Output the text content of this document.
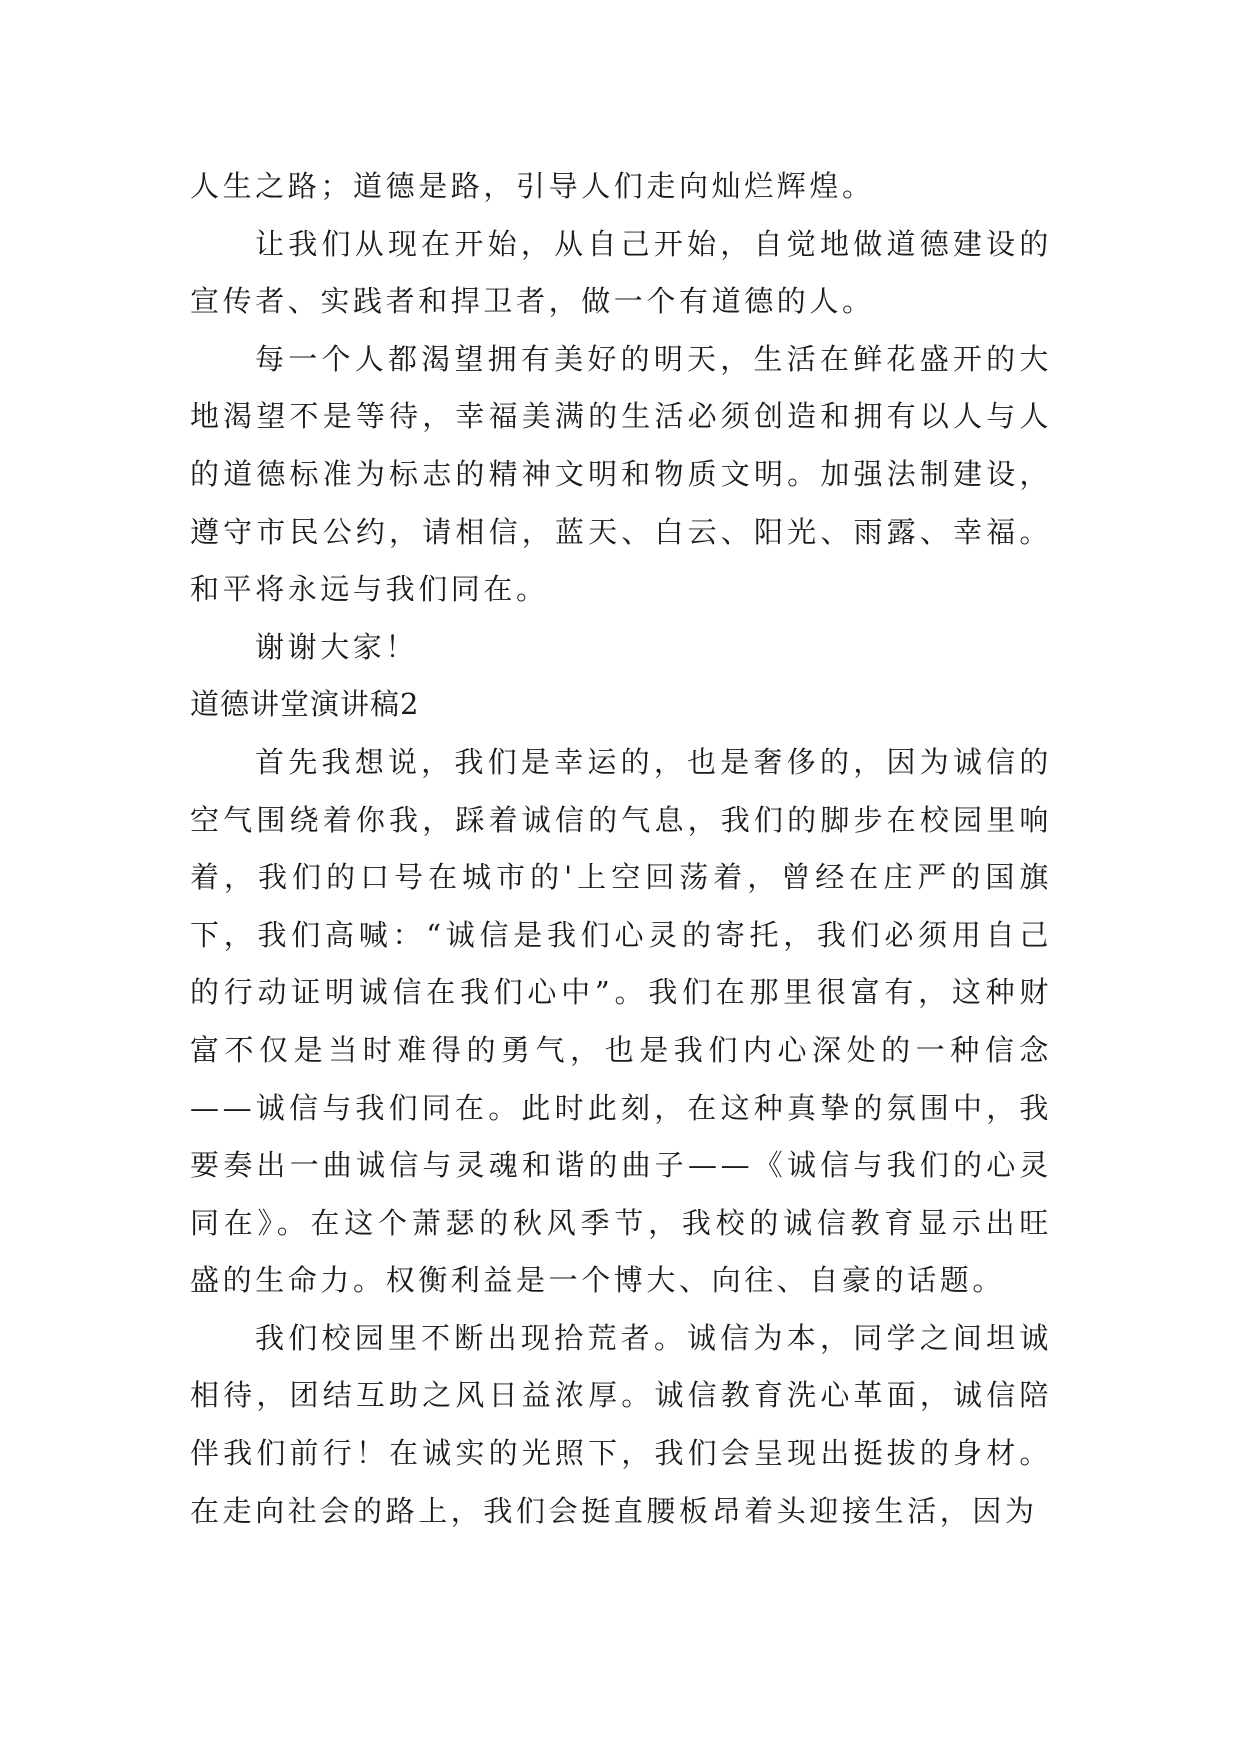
人生之路；道德是路，引导人们走向灿烂辉煌。

让我们从现在开始，从自己开始，自觉地做道德建设的宣传者、实践者和捍卫者，做一个有道德的人。

每一个人都渴望拥有美好的明天，生活在鲜花盛开的大地渴望不是等待，幸福美满的生活必须创造和拥有以人与人的道德标准为标志的精神文明和物质文明。加强法制建设，遵守市民公约，请相信，蓝天、白云、阳光、雨露、幸福。和平将永远与我们同在。

谢谢大家！

道德讲堂演讲稿2

首先我想说，我们是幸运的，也是奢侈的，因为诚信的空气围绕着你我，踩着诚信的气息，我们的脚步在校园里响着，我们的口号在城市的'上空回荡着，曾经在庄严的国旗下，我们高喊：“诚信是我们心灵的寄托，我们必须用自己的行动证明诚信在我们心中”。我们在那里很富有，这种财富不仅是当时难得的勇气，也是我们内心深处的一种信念——诚信与我们同在。此时此刻，在这种真挚的氛围中，我要奏出一曲诚信与灵魂和谐的曲子——《诚信与我们的心灵同在》。在这个萧瑟的秋风季节，我校的诚信教育显示出旺盛的生命力。权衡利益是一个博大、向往、自豪的话题。

我们校园里不断出现拾荒者。诚信为本，同学之间坦诚相待，团结互助之风日益浓厚。诚信教育洗心革面，诚信陪伴我们前行！在诚实的光照下，我们会呈现出挺拔的身材。在走向社会的路上，我们会挺直腰板昂着头迎接生活，因为
